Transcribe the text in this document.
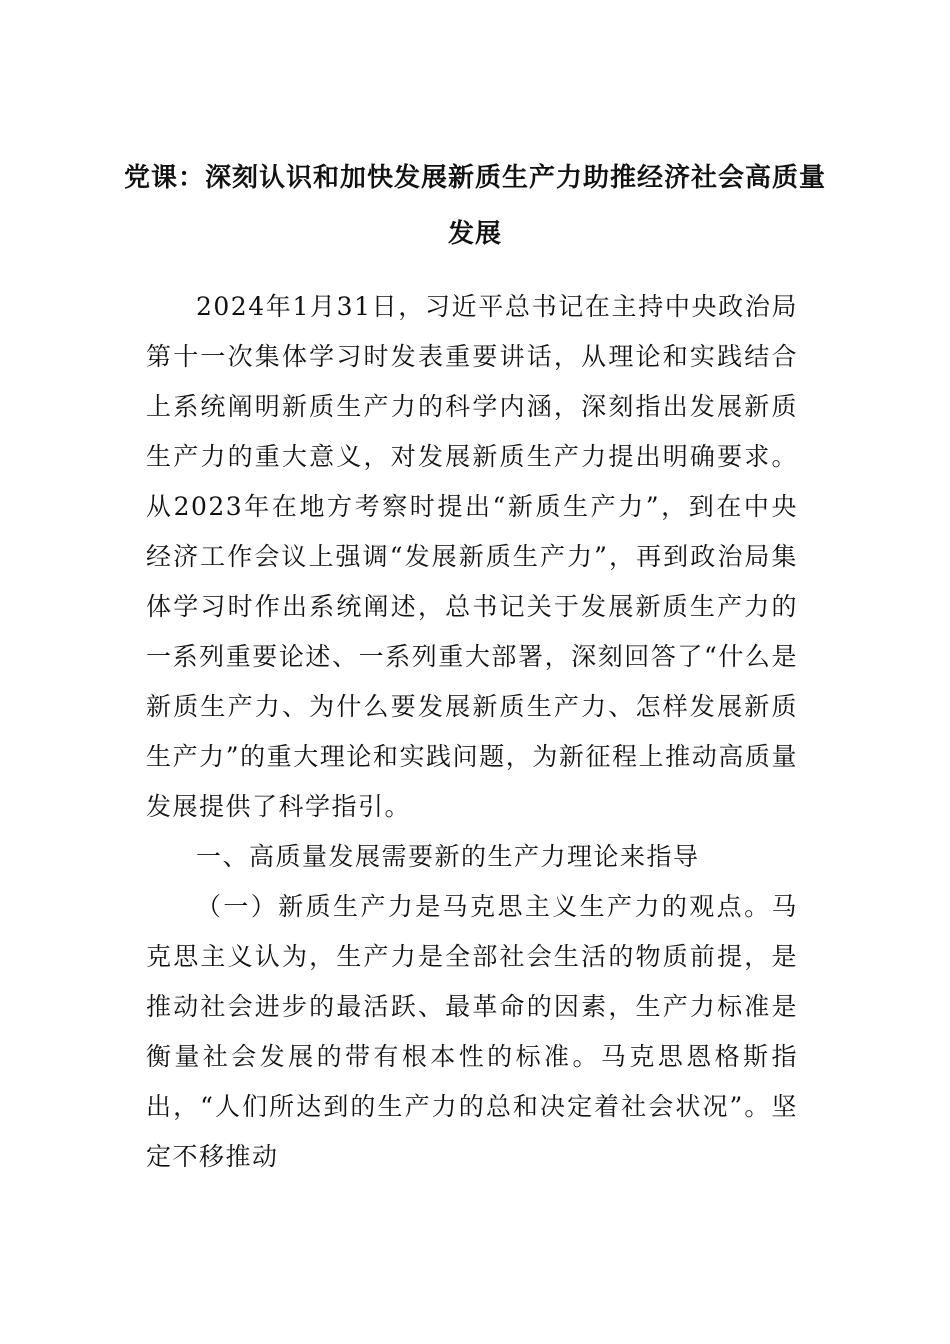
党课：深刻认识和加快发展新质生产力助推经济社会高质量发展

2024年1月31日，习近平总书记在主持中央政治局第十一次集体学习时发表重要讲话，从理论和实践结合上系统阐明新质生产力的科学内涵，深刻指出发展新质生产力的重大意义，对发展新质生产力提出明确要求。从2023年在地方考察时提出“新质生产力”，到在中央经济工作会议上强调“发展新质生产力”，再到政治局集体学习时作出系统阐述，总书记关于发展新质生产力的一系列重要论述、一系列重大部署，深刻回答了“什么是新质生产力、为什么要发展新质生产力、怎样发展新质生产力”的重大理论和实践问题，为新征程上推动高质量发展提供了科学指引。

一、高质量发展需要新的生产力理论来指导

（一）新质生产力是马克思主义生产力的观点。马克思主义认为，生产力是全部社会生活的物质前提，是推动社会进步的最活跃、最革命的因素，生产力标准是衡量社会发展的带有根本性的标准。马克思恩格斯指出，“人们所达到的生产力的总和决定着社会状况”。坚定不移推动
